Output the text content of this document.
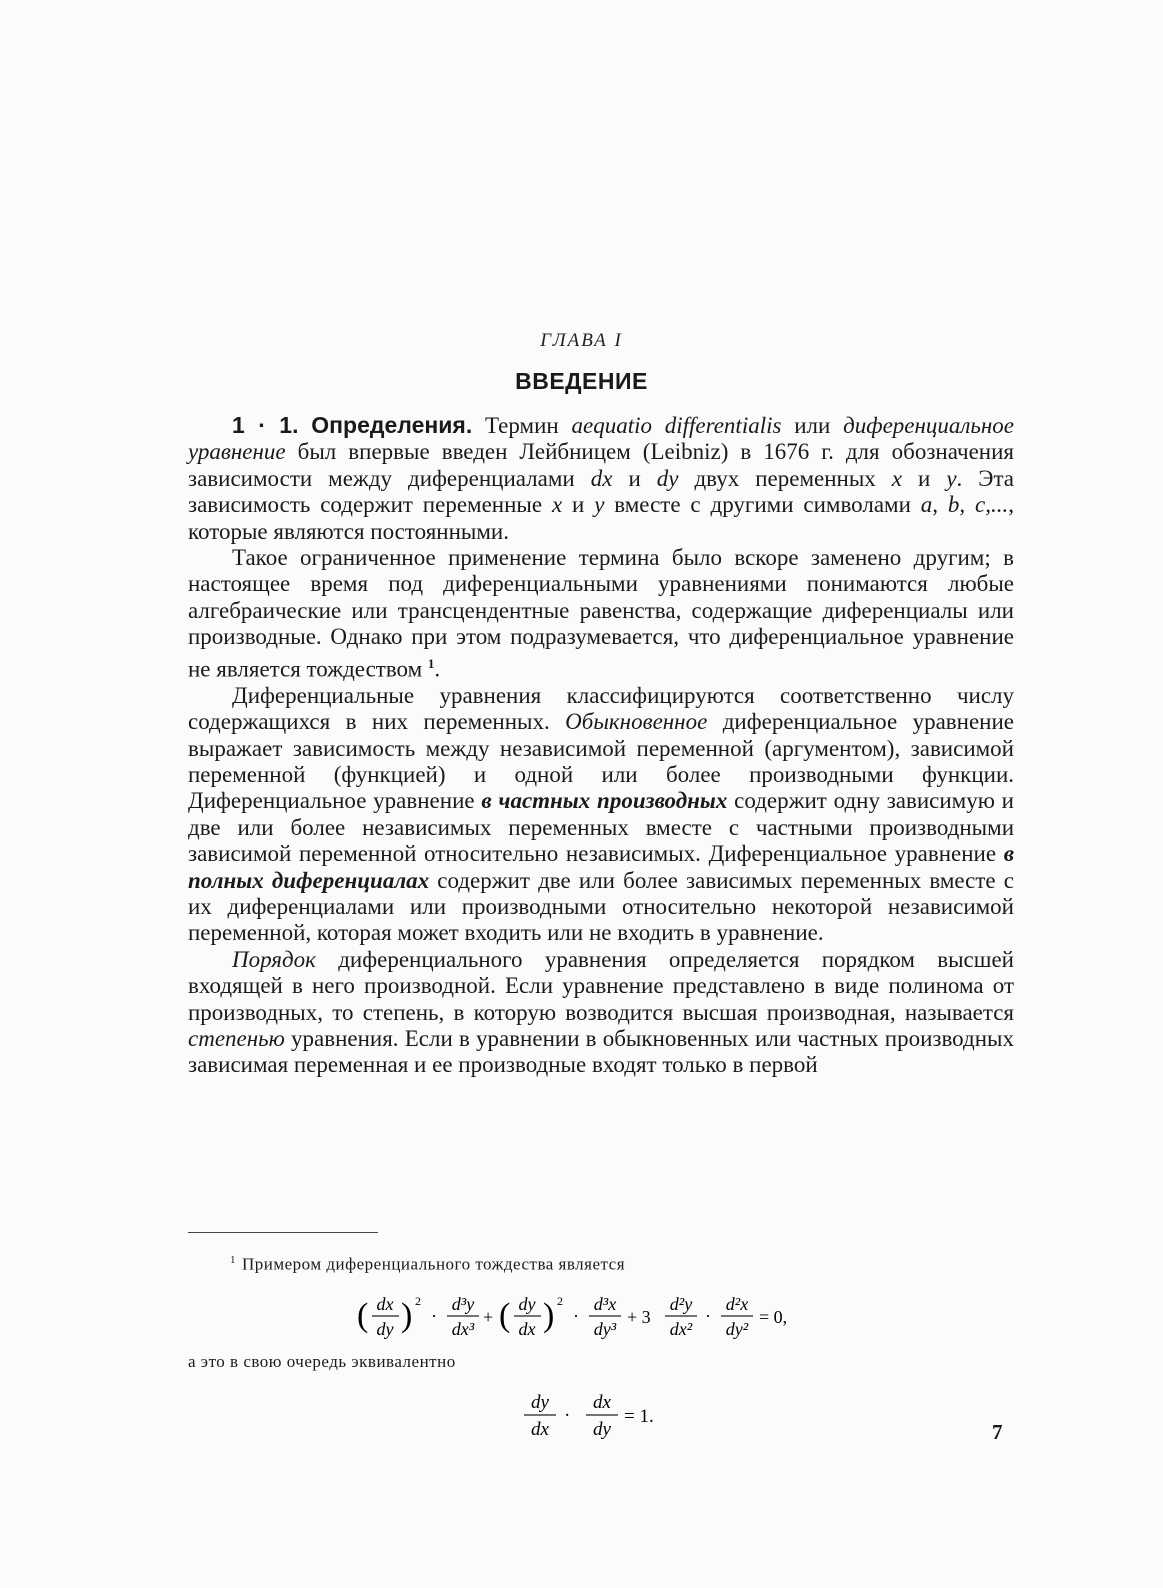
ГЛАВА I
ВВЕДЕНИЕ

1 · 1. Определения. Термин aequatio differentialis или диференциальное уравнение был впервые введен Лейбницем (Leibniz) в 1676 г. для обозначения зависимости между диференциалами dx и dy двух переменных x и y. Эта зависимость содержит переменные x и y вместе с другими символами a, b, c,..., которые являются постоянными.

Такое ограниченное применение термина было вскоре заменено другим; в настоящее время под диференциальными уравнениями понимаются любые алгебраические или трансцендентные равенства, содержащие диференциалы или производные. Однако при этом подразумевается, что диференциальное уравнение не является тождеством $^1$.

Диференциальные уравнения классифицируются соответственно числу содержащихся в них переменных. Обыкновенное диференциальное уравнение выражает зависимость между независимой переменной (аргументом), зависимой переменной (функцией) и одной или более производными функции. Диференциальное уравнение в частных производных содержит одну зависимую и две или более независимых переменных вместе с частными производными зависимой переменной относительно независимых. Диференциальное уравнение в полных диференциалах содержит две или более зависимых переменных вместе с их диференциалами или производными относительно некоторой независимой переменной, которая может входить или не входить в уравнение.

Порядок диференциального уравнения определяется порядком высшей входящей в него производной. Если уравнение представлено в виде полинома от производных, то степень, в которую возводится высшая производная, называется степенью уравнения. Если в уравнении в обыкновенных или частных производных зависимая переменная и ее производные входят только в первой

$^1$ Примером диференциального тождества является
( dx
dy ) 2
·
d³y
dx³
+ ( dy
dx ) 2
·
d³x
dy³
+ 3
d²y
dx²
·
d²x
dy²
= 0,
а это в свою очередь эквивалентно
dy
dx
·
dx
dy
= 1.
7
